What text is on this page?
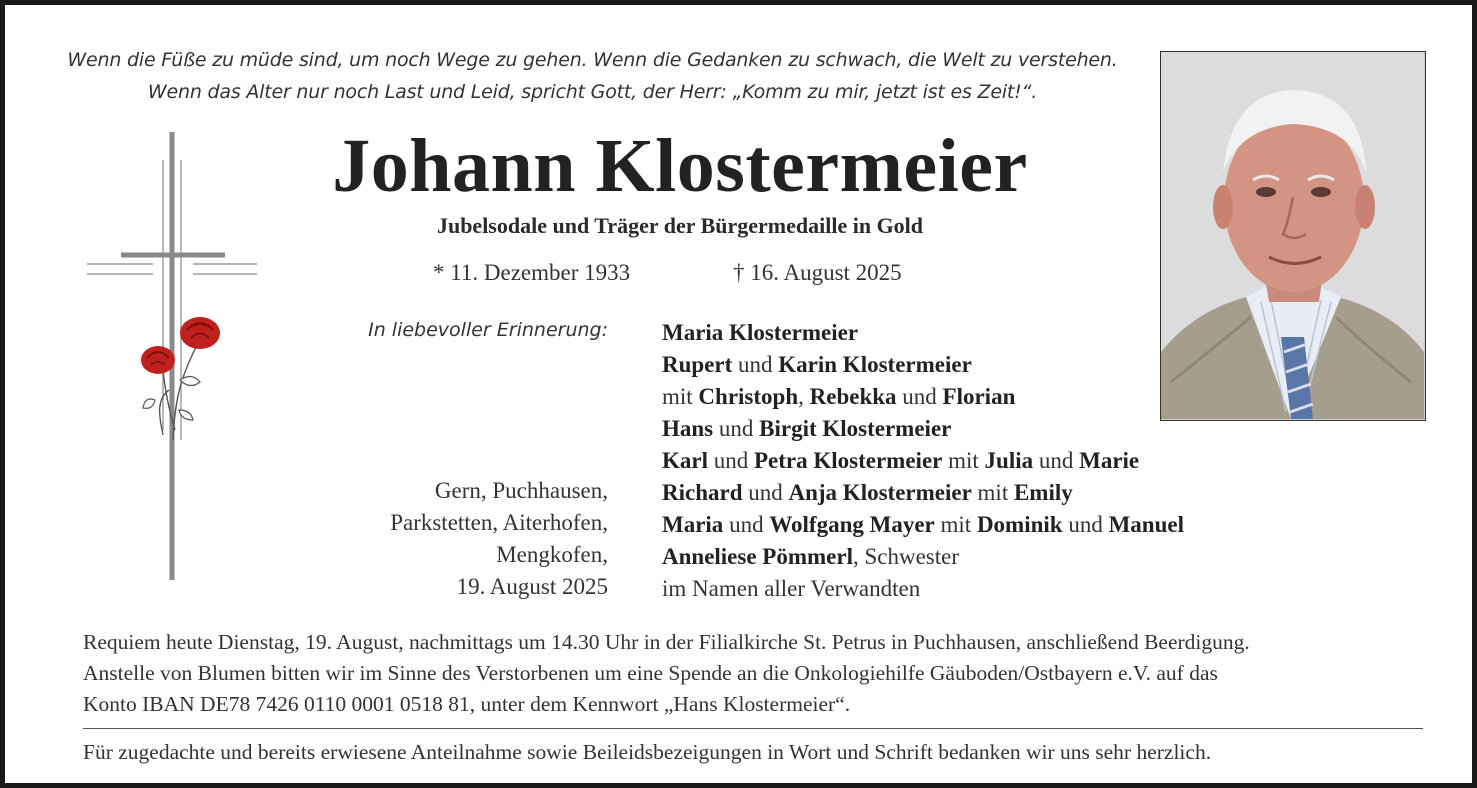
Wenn die Füße zu müde sind, um noch Wege zu gehen. Wenn die Gedanken zu schwach, die Welt zu verstehen.
Wenn das Alter nur noch Last und Leid, spricht Gott, der Herr: „Komm zu mir, jetzt ist es Zeit!“.
Johann Klostermeier
Jubelsodale und Träger der Bürgermedaille in Gold
* 11. Dezember 1933	† 16. August 2025
In liebevoller Erinnerung:
Gern, Puchhausen,
Parkstetten, Aiterhofen,
Mengkofen,
19. August 2025
Maria Klostermeier
Rupert und Karin Klostermeier
mit Christoph, Rebekka und Florian
Hans und Birgit Klostermeier
Karl und Petra Klostermeier mit Julia und Marie
Richard und Anja Klostermeier mit Emily
Maria und Wolfgang Mayer mit Dominik und Manuel
Anneliese Pömmerl, Schwester
im Namen aller Verwandten
Requiem heute Dienstag, 19. August, nachmittags um 14.30 Uhr in der Filialkirche St. Petrus in Puchhausen, anschließend Beerdigung.
Anstelle von Blumen bitten wir im Sinne des Verstorbenen um eine Spende an die Onkologiehilfe Gäuboden/Ostbayern e.V. auf das
Konto IBAN DE78 7426 0110 0001 0518 81, unter dem Kennwort „Hans Klostermeier“.
Für zugedachte und bereits erwiesene Anteilnahme sowie Beileidsbezeigungen in Wort und Schrift bedanken wir uns sehr herzlich.
